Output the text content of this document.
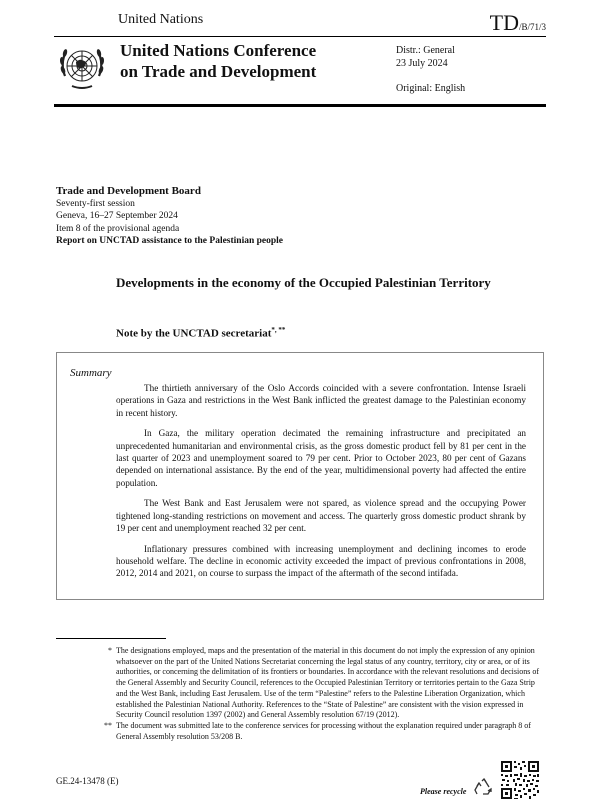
United Nations	TD/B/71/3
United Nations Conference
on Trade and Development
Distr.: General
23 July 2024
Original: English
Trade and Development Board
Seventy-first session
Geneva, 16–27 September 2024
Item 8 of the provisional agenda
Report on UNCTAD assistance to the Palestinian people
Developments in the economy of the Occupied Palestinian Territory
Note by the UNCTAD secretariat*, **
Summary

The thirtieth anniversary of the Oslo Accords coincided with a severe confrontation. Intense Israeli operations in Gaza and restrictions in the West Bank inflicted the greatest damage to the Palestinian economy in recent history.

In Gaza, the military operation decimated the remaining infrastructure and precipitated an unprecedented humanitarian and environmental crisis, as the gross domestic product fell by 81 per cent in the last quarter of 2023 and unemployment soared to 79 per cent. Prior to October 2023, 80 per cent of Gazans depended on international assistance. By the end of the year, multidimensional poverty had affected the entire population.

The West Bank and East Jerusalem were not spared, as violence spread and the occupying Power tightened long-standing restrictions on movement and access. The quarterly gross domestic product shrank by 19 per cent and unemployment reached 32 per cent.

Inflationary pressures combined with increasing unemployment and declining incomes to erode household welfare. The decline in economic activity exceeded the impact of previous confrontations in 2008, 2012, 2014 and 2021, on course to surpass the impact of the aftermath of the second intifada.

* The designations employed, maps and the presentation of the material in this document do not imply the expression of any opinion whatsoever on the part of the United Nations Secretariat concerning the legal status of any country, territory, city or area, or of its authorities, or concerning the delimitation of its frontiers or boundaries. In accordance with the relevant resolutions and decisions of the General Assembly and Security Council, references to the Occupied Palestinian Territory or territories pertain to the Gaza Strip and the West Bank, including East Jerusalem. Use of the term “Palestine” refers to the Palestine Liberation Organization, which established the Palestinian National Authority. References to the “State of Palestine” are consistent with the vision expressed in Security Council resolution 1397 (2002) and General Assembly resolution 67/19 (2012).
** The document was submitted late to the conference services for processing without the explanation required under paragraph 8 of General Assembly resolution 53/208 B.
GE.24-13478 (E)
Please recycle
